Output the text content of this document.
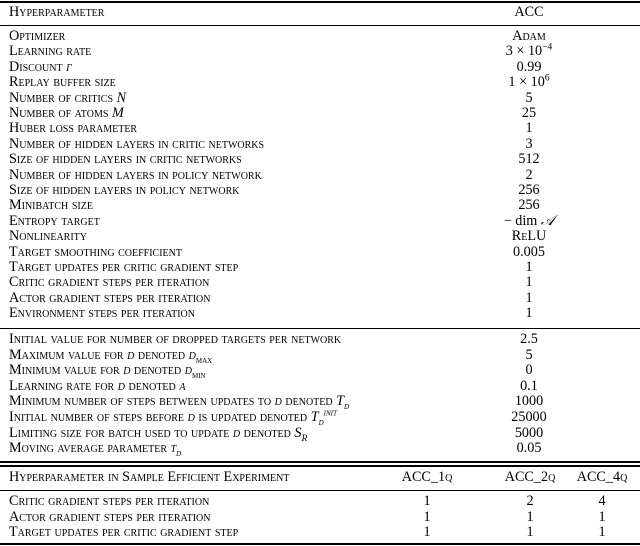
Hyperparameter	ACC
Optimizer	Adam
Learning rate	$3 \times 10^{-4}$
Discount γ	0.99
Replay buffer size	$1 \times 10^6$
Number of critics N	5
Number of atoms M	25
Huber loss parameter	1
Number of hidden layers in critic networks	3
Size of hidden layers in critic networks	512
Number of hidden layers in policy network	2
Size of hidden layers in policy network	256
Minibatch size	256
Entropy target	− dim 𝒜
Nonlinearity	ReLU
Target smoothing coefficient	0.005
Target updates per critic gradient step	1
Critic gradient steps per iteration	1
Actor gradient steps per iteration	1
Environment steps per iteration	1
Initial value for number of dropped targets per network	2.5
Maximum value for d denoted $d_{max}$	5
Minimum value for d denoted $d_{min}$	0
Learning rate for d denoted α	0.1
Minimum number of steps between updates to d denoted $T_d$	1000
Initial number of steps before d is updated denoted $T_d^{init}$	25000
Limiting size for batch used to update d denoted $S_R$	5000
Moving average parameter $\tau_d$	0.05
Hyperparameter in Sample Efficient Experiment	ACC_1q	ACC_2q	ACC_4q
Critic gradient steps per iteration	1	2	4
Actor gradient steps per iteration	1	1	1
Target updates per critic gradient step	1	1	1
